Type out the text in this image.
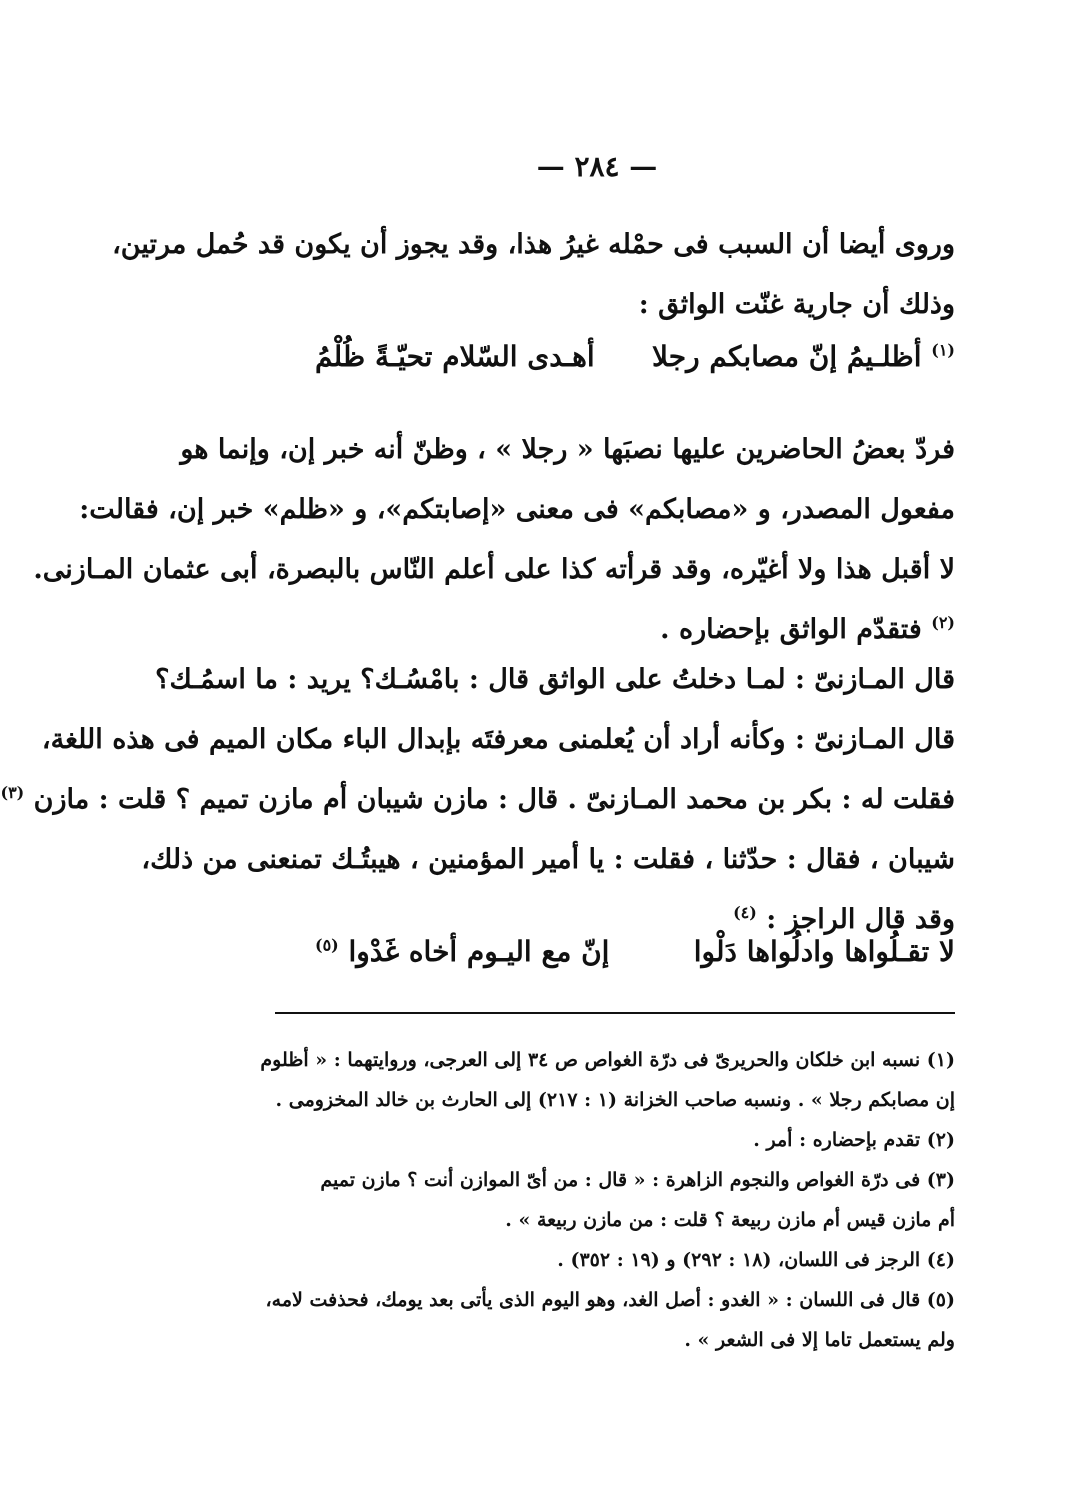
— ٢٨٤ —
وروى أيضا أن السبب فى حمْله غيرُ هذا، وقد يجوز أن يكون قد حُمل مرتين،
وذلك أن جارية غنّت الواثق :
$^{(١)}$ أظلـيمُ إنّ مصابكم رجلا
أهـدى السّلام تحيّـةً ظُلْمُ
فردّ بعضُ الحاضرين عليها نصبَها « رجلا » ، وظنّ أنه خبر إن، وإنما هو
مفعول المصدر، و «مصابكم» فى معنى «إصابتكم»، و «ظلم» خبر إن، فقالت:
لا أقبل هذا ولا أغيّره، وقد قرأته كذا على أعلم النّاس بالبصرة، أبى عثمان المـازنى.
$^{(٢)}$ فتقدّم الواثق بإحضاره .
قال المـازنىّ : لمـا دخلتُ على الواثق قال : بامْسُـك؟ يريد : ما اسمُـك؟
قال المـازنىّ : وكأنه أراد أن يُعلمنى معرفتَه بإبدال الباء مكان الميم فى هذه اللغة،
فقلت له : بكر بن محمد المـازنىّ . قال : مازن شيبان أم مازن تميم ؟ قلت : مازن $^{(٣)}$
شيبان ، فقال : حدّثنا ، فقلت : يا أمير المؤمنين ، هيبتُـك تمنعنى من ذلك،
وقد قال الراجز : $^{(٤)}$
لا تقـلُواها وادلُواها دَلْوا
إنّ مع اليـوم أخاه غَدْوا $^{(٥)}$
(١) نسبه ابن خلكان والحريرىّ فى درّة الغواص ص ٣٤ إلى العرجى، وروايتهما : « أظلوم
إن مصابكم رجلا » . ونسبه صاحب الخزانة (١ : ٢١٧) إلى الحارث بن خالد المخزومى .
(٢) تقدم بإحضاره : أمر .
(٣) فى درّة الغواص والنجوم الزاهرة : « قال : من أىّ الموازن أنت ؟ مازن تميم
أم مازن قيس أم مازن ربيعة ؟ قلت : من مازن ربيعة » .
(٤) الرجز فى اللسان، (١٨ : ٢٩٢) و (١٩ : ٣٥٢) .
(٥) قال فى اللسان : « الغدو : أصل الغد، وهو اليوم الذى يأتى بعد يومك، فحذفت لامه،
ولم يستعمل تاما إلا فى الشعر » .
